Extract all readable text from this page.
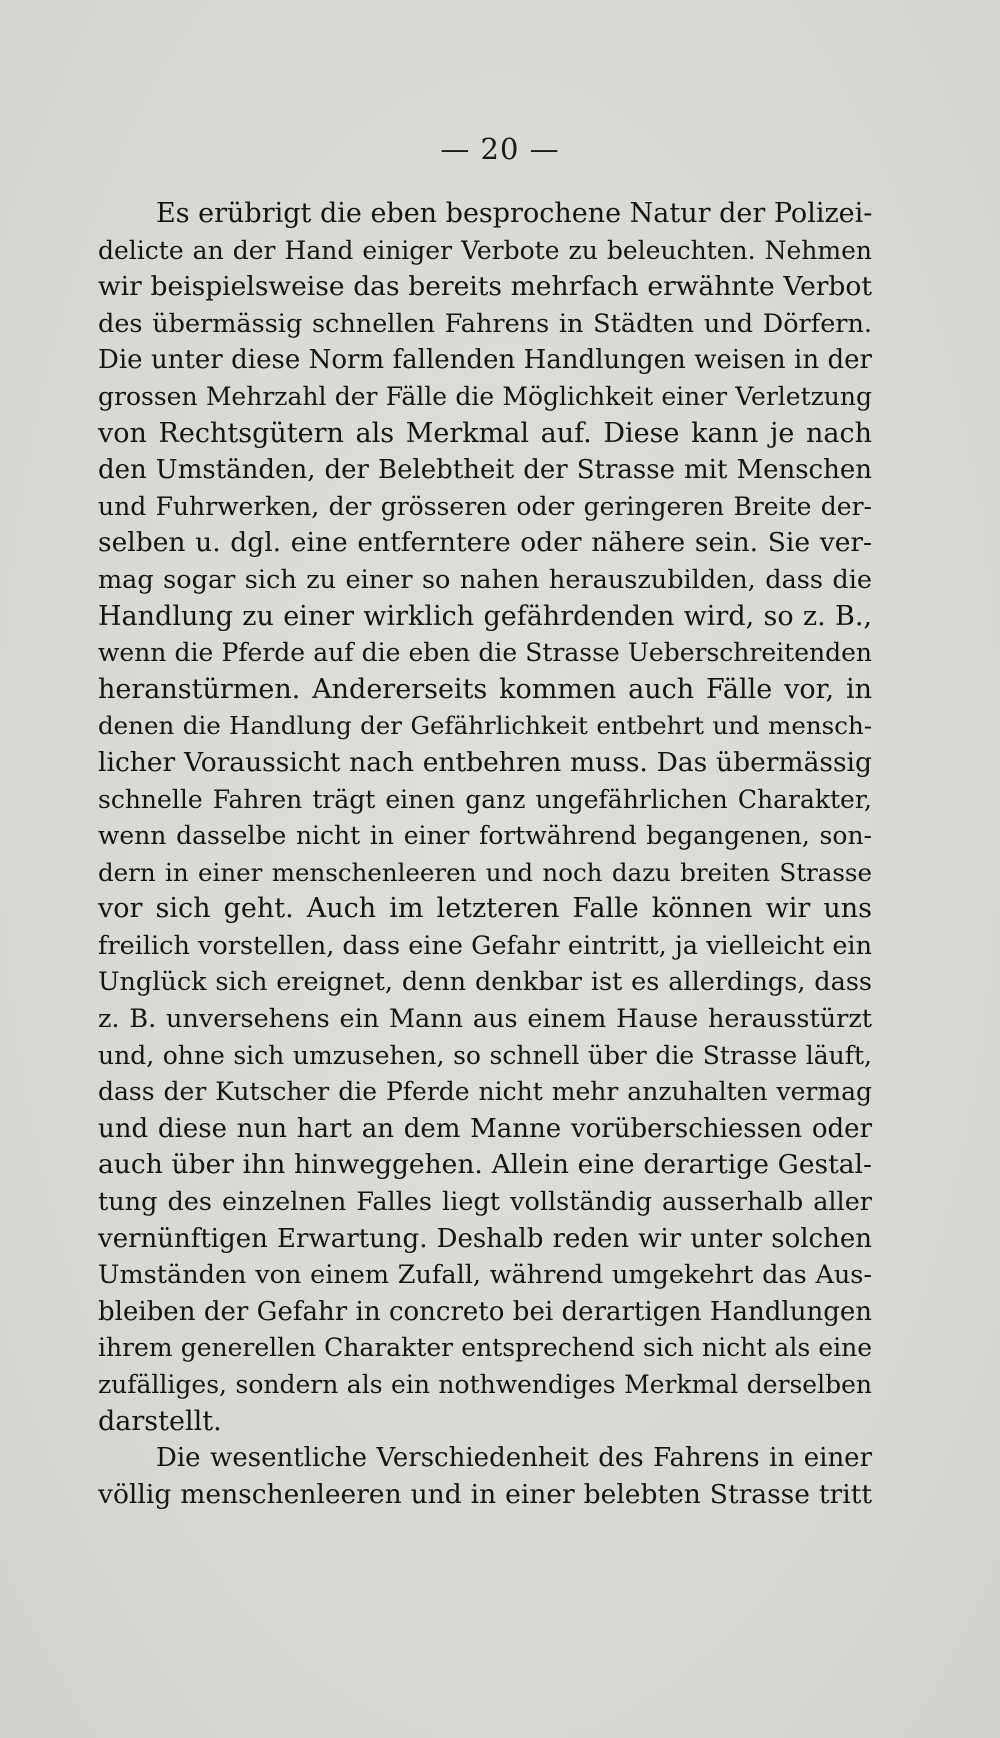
— 20 —

Es erübrigt die eben besprochene Natur der Polizei-
delicte an der Hand einiger Verbote zu beleuchten. Nehmen
wir beispielsweise das bereits mehrfach erwähnte Verbot
des übermässig schnellen Fahrens in Städten und Dörfern.
Die unter diese Norm fallenden Handlungen weisen in der
grossen Mehrzahl der Fälle die Möglichkeit einer Verletzung
von Rechtsgütern als Merkmal auf. Diese kann je nach
den Umständen, der Belebtheit der Strasse mit Menschen
und Fuhrwerken, der grösseren oder geringeren Breite der-
selben u. dgl. eine entferntere oder nähere sein. Sie ver-
mag sogar sich zu einer so nahen herauszubilden, dass die
Handlung zu einer wirklich gefährdenden wird, so z. B.,
wenn die Pferde auf die eben die Strasse Ueberschreitenden
heranstürmen. Andererseits kommen auch Fälle vor, in
denen die Handlung der Gefährlichkeit entbehrt und mensch-
licher Voraussicht nach entbehren muss. Das übermässig
schnelle Fahren trägt einen ganz ungefährlichen Charakter,
wenn dasselbe nicht in einer fortwährend begangenen, son-
dern in einer menschenleeren und noch dazu breiten Strasse
vor sich geht. Auch im letzteren Falle können wir uns
freilich vorstellen, dass eine Gefahr eintritt, ja vielleicht ein
Unglück sich ereignet, denn denkbar ist es allerdings, dass
z. B. unversehens ein Mann aus einem Hause herausstürzt
und, ohne sich umzusehen, so schnell über die Strasse läuft,
dass der Kutscher die Pferde nicht mehr anzuhalten vermag
und diese nun hart an dem Manne vorüberschiessen oder
auch über ihn hinweggehen. Allein eine derartige Gestal-
tung des einzelnen Falles liegt vollständig ausserhalb aller
vernünftigen Erwartung. Deshalb reden wir unter solchen
Umständen von einem Zufall, während umgekehrt das Aus-
bleiben der Gefahr in concreto bei derartigen Handlungen
ihrem generellen Charakter entsprechend sich nicht als eine
zufälliges, sondern als ein nothwendiges Merkmal derselben
darstellt.
Die wesentliche Verschiedenheit des Fahrens in einer
völlig menschenleeren und in einer belebten Strasse tritt
